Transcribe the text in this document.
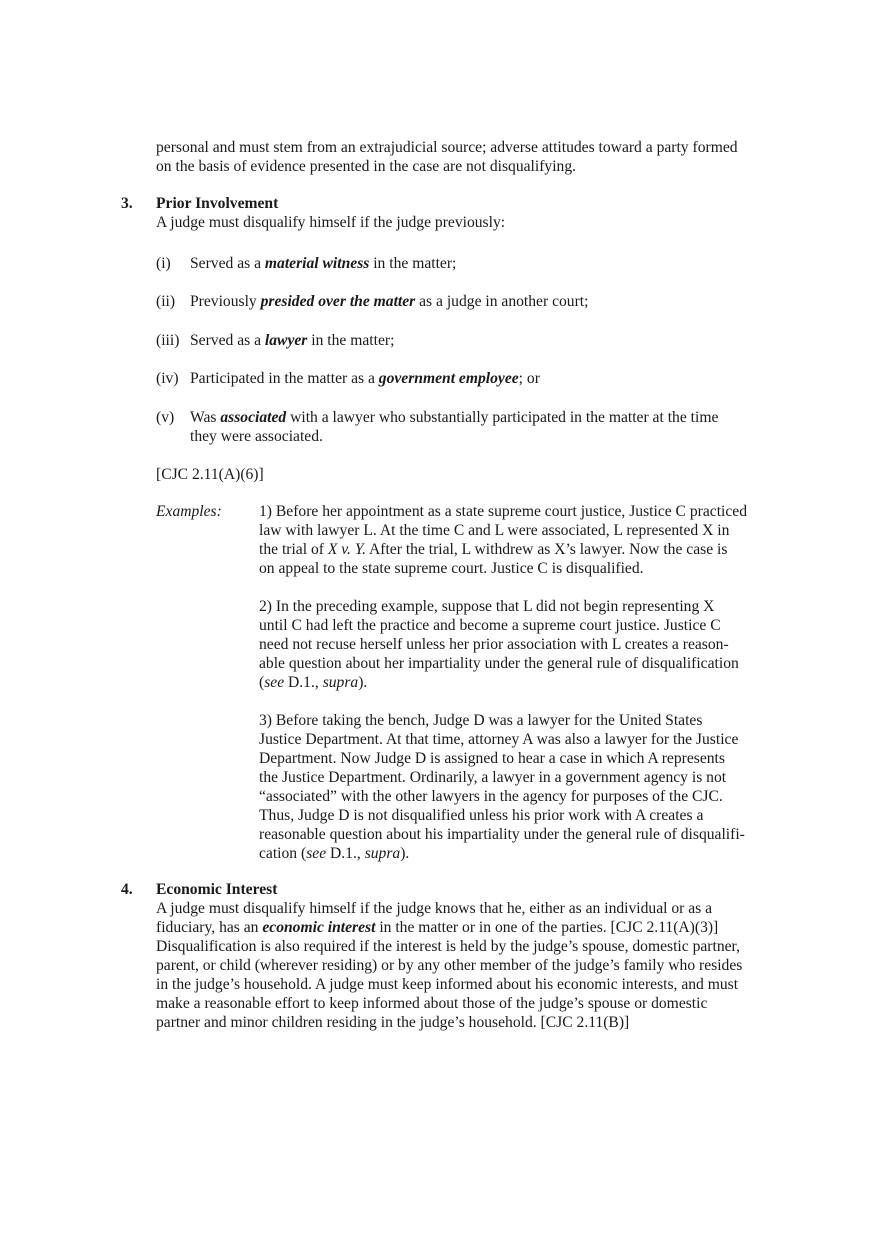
personal and must stem from an extrajudicial source; adverse attitudes toward a party formed
on the basis of evidence presented in the case are not disqualifying.
3. Prior Involvement
A judge must disqualify himself if the judge previously:
(i) Served as a material witness in the matter;
(ii) Previously presided over the matter as a judge in another court;
(iii) Served as a lawyer in the matter;
(iv) Participated in the matter as a government employee; or
(v) Was associated with a lawyer who substantially participated in the matter at the time
they were associated.
[CJC 2.11(A)(6)]
Examples: 1) Before her appointment as a state supreme court justice, Justice C practiced
law with lawyer L. At the time C and L were associated, L represented X in
the trial of X v. Y. After the trial, L withdrew as X’s lawyer. Now the case is
on appeal to the state supreme court. Justice C is disqualified.
2) In the preceding example, suppose that L did not begin representing X
until C had left the practice and become a supreme court justice. Justice C
need not recuse herself unless her prior association with L creates a reason-
able question about her impartiality under the general rule of disqualification
(see D.1., supra).
3) Before taking the bench, Judge D was a lawyer for the United States
Justice Department. At that time, attorney A was also a lawyer for the Justice
Department. Now Judge D is assigned to hear a case in which A represents
the Justice Department. Ordinarily, a lawyer in a government agency is not
“associated” with the other lawyers in the agency for purposes of the CJC.
Thus, Judge D is not disqualified unless his prior work with A creates a
reasonable question about his impartiality under the general rule of disqualifi-
cation (see D.1., supra).
4. Economic Interest
A judge must disqualify himself if the judge knows that he, either as an individual or as a
fiduciary, has an economic interest in the matter or in one of the parties. [CJC 2.11(A)(3)]
Disqualification is also required if the interest is held by the judge’s spouse, domestic partner,
parent, or child (wherever residing) or by any other member of the judge’s family who resides
in the judge’s household. A judge must keep informed about his economic interests, and must
make a reasonable effort to keep informed about those of the judge’s spouse or domestic
partner and minor children residing in the judge’s household. [CJC 2.11(B)]
